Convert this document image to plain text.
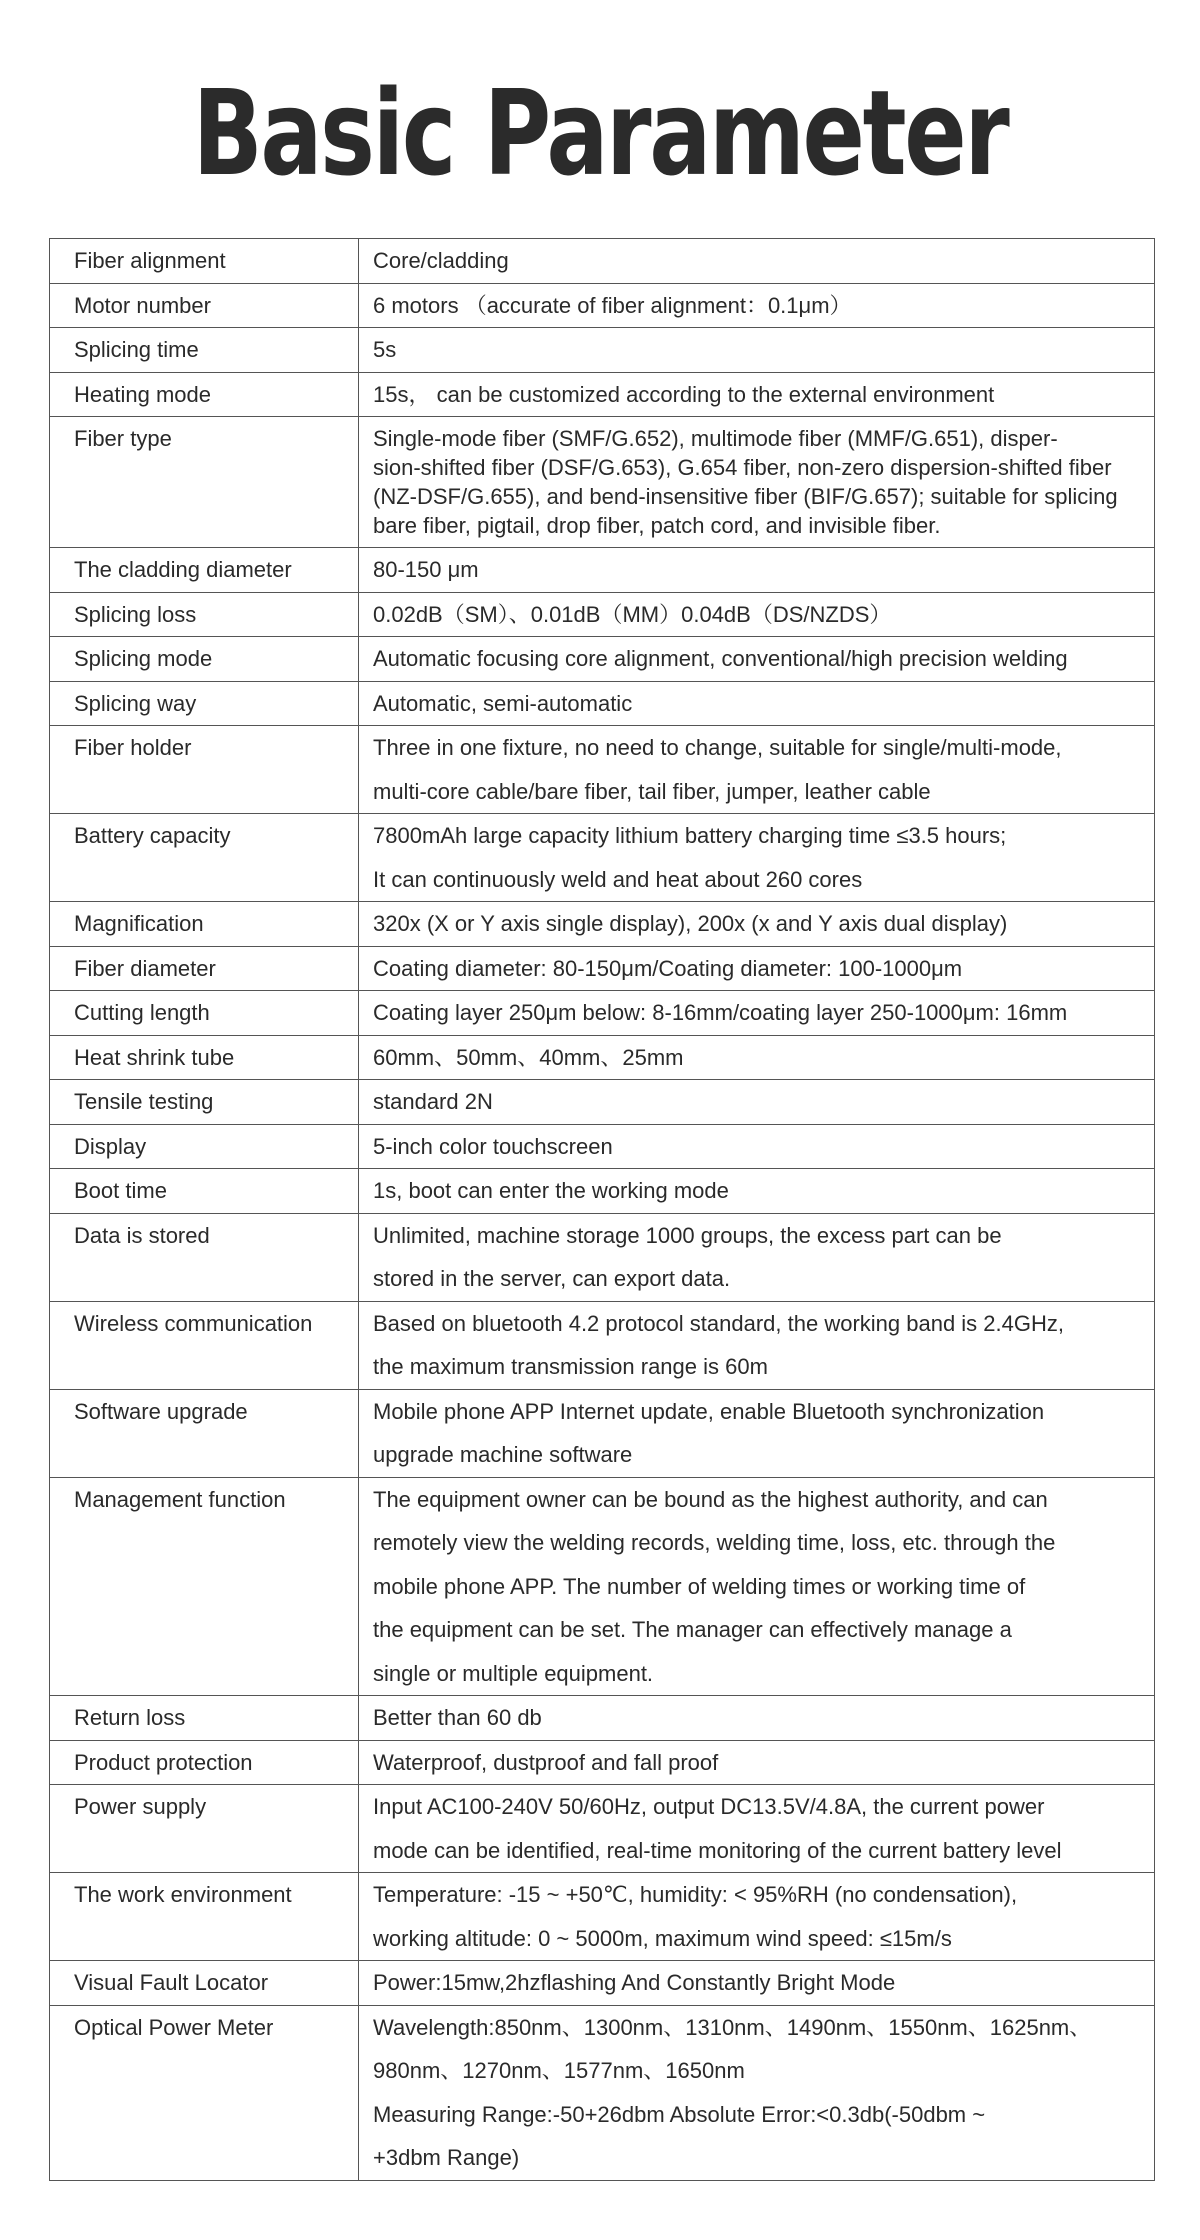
Basic Parameter
Fiber alignment	Core/cladding

Motor number	6 motors （accurate of fiber alignment：0.1μm）

Splicing time	5s

Heating mode	15s， can be customized according to the external environment

Fiber type	Single-mode fiber (SMF/G.652), multimode fiber (MMF/G.651), disper-
sion-shifted fiber (DSF/G.653), G.654 fiber, non-zero dispersion-shifted fiber
(NZ-DSF/G.655), and bend-insensitive fiber (BIF/G.657); suitable for splicing
bare fiber, pigtail, drop fiber, patch cord, and invisible fiber.

The cladding diameter	80-150 μm

Splicing loss	0.02dB（SM）、0.01dB（MM）0.04dB（DS/NZDS）

Splicing mode	Automatic focusing core alignment, conventional/high precision welding

Splicing way	Automatic, semi-automatic

Fiber holder	Three in one fixture, no need to change, suitable for single/multi-mode,
multi-core cable/bare fiber, tail fiber, jumper, leather cable

Battery capacity	7800mAh large capacity lithium battery charging time ≤3.5 hours;
It can continuously weld and heat about 260 cores

Magnification	320x (X or Y axis single display), 200x (x and Y axis dual display)

Fiber diameter	Coating diameter: 80-150μm/Coating diameter: 100-1000μm

Cutting length	Coating layer 250μm below: 8-16mm/coating layer 250-1000μm: 16mm

Heat shrink tube	60mm、50mm、40mm、25mm

Tensile testing	standard 2N

Display	5-inch color touchscreen

Boot time	1s, boot can enter the working mode

Data is stored	Unlimited, machine storage 1000 groups, the excess part can be
stored in the server, can export data.

Wireless communication	Based on bluetooth 4.2 protocol standard, the working band is 2.4GHz,
the maximum transmission range is 60m

Software upgrade	Mobile phone APP Internet update, enable Bluetooth synchronization
upgrade machine software

Management function	The equipment owner can be bound as the highest authority, and can
remotely view the welding records, welding time, loss, etc. through the
mobile phone APP. The number of welding times or working time of
the equipment can be set. The manager can effectively manage a
single or multiple equipment.

Return loss	Better than 60 db

Product protection	Waterproof, dustproof and fall proof

Power supply	Input AC100-240V 50/60Hz, output DC13.5V/4.8A, the current power
mode can be identified, real-time monitoring of the current battery level

The work environment	Temperature: -15 ~ +50℃, humidity: < 95%RH (no condensation),
working altitude: 0 ~ 5000m, maximum wind speed: ≤15m/s

Visual Fault Locator	Power:15mw,2hzflashing And Constantly Bright Mode

Optical Power Meter	Wavelength:850nm、1300nm、1310nm、1490nm、1550nm、1625nm、
980nm、1270nm、1577nm、1650nm
Measuring Range:-50+26dbm Absolute Error:<0.3db(-50dbm ~
+3dbm Range)
